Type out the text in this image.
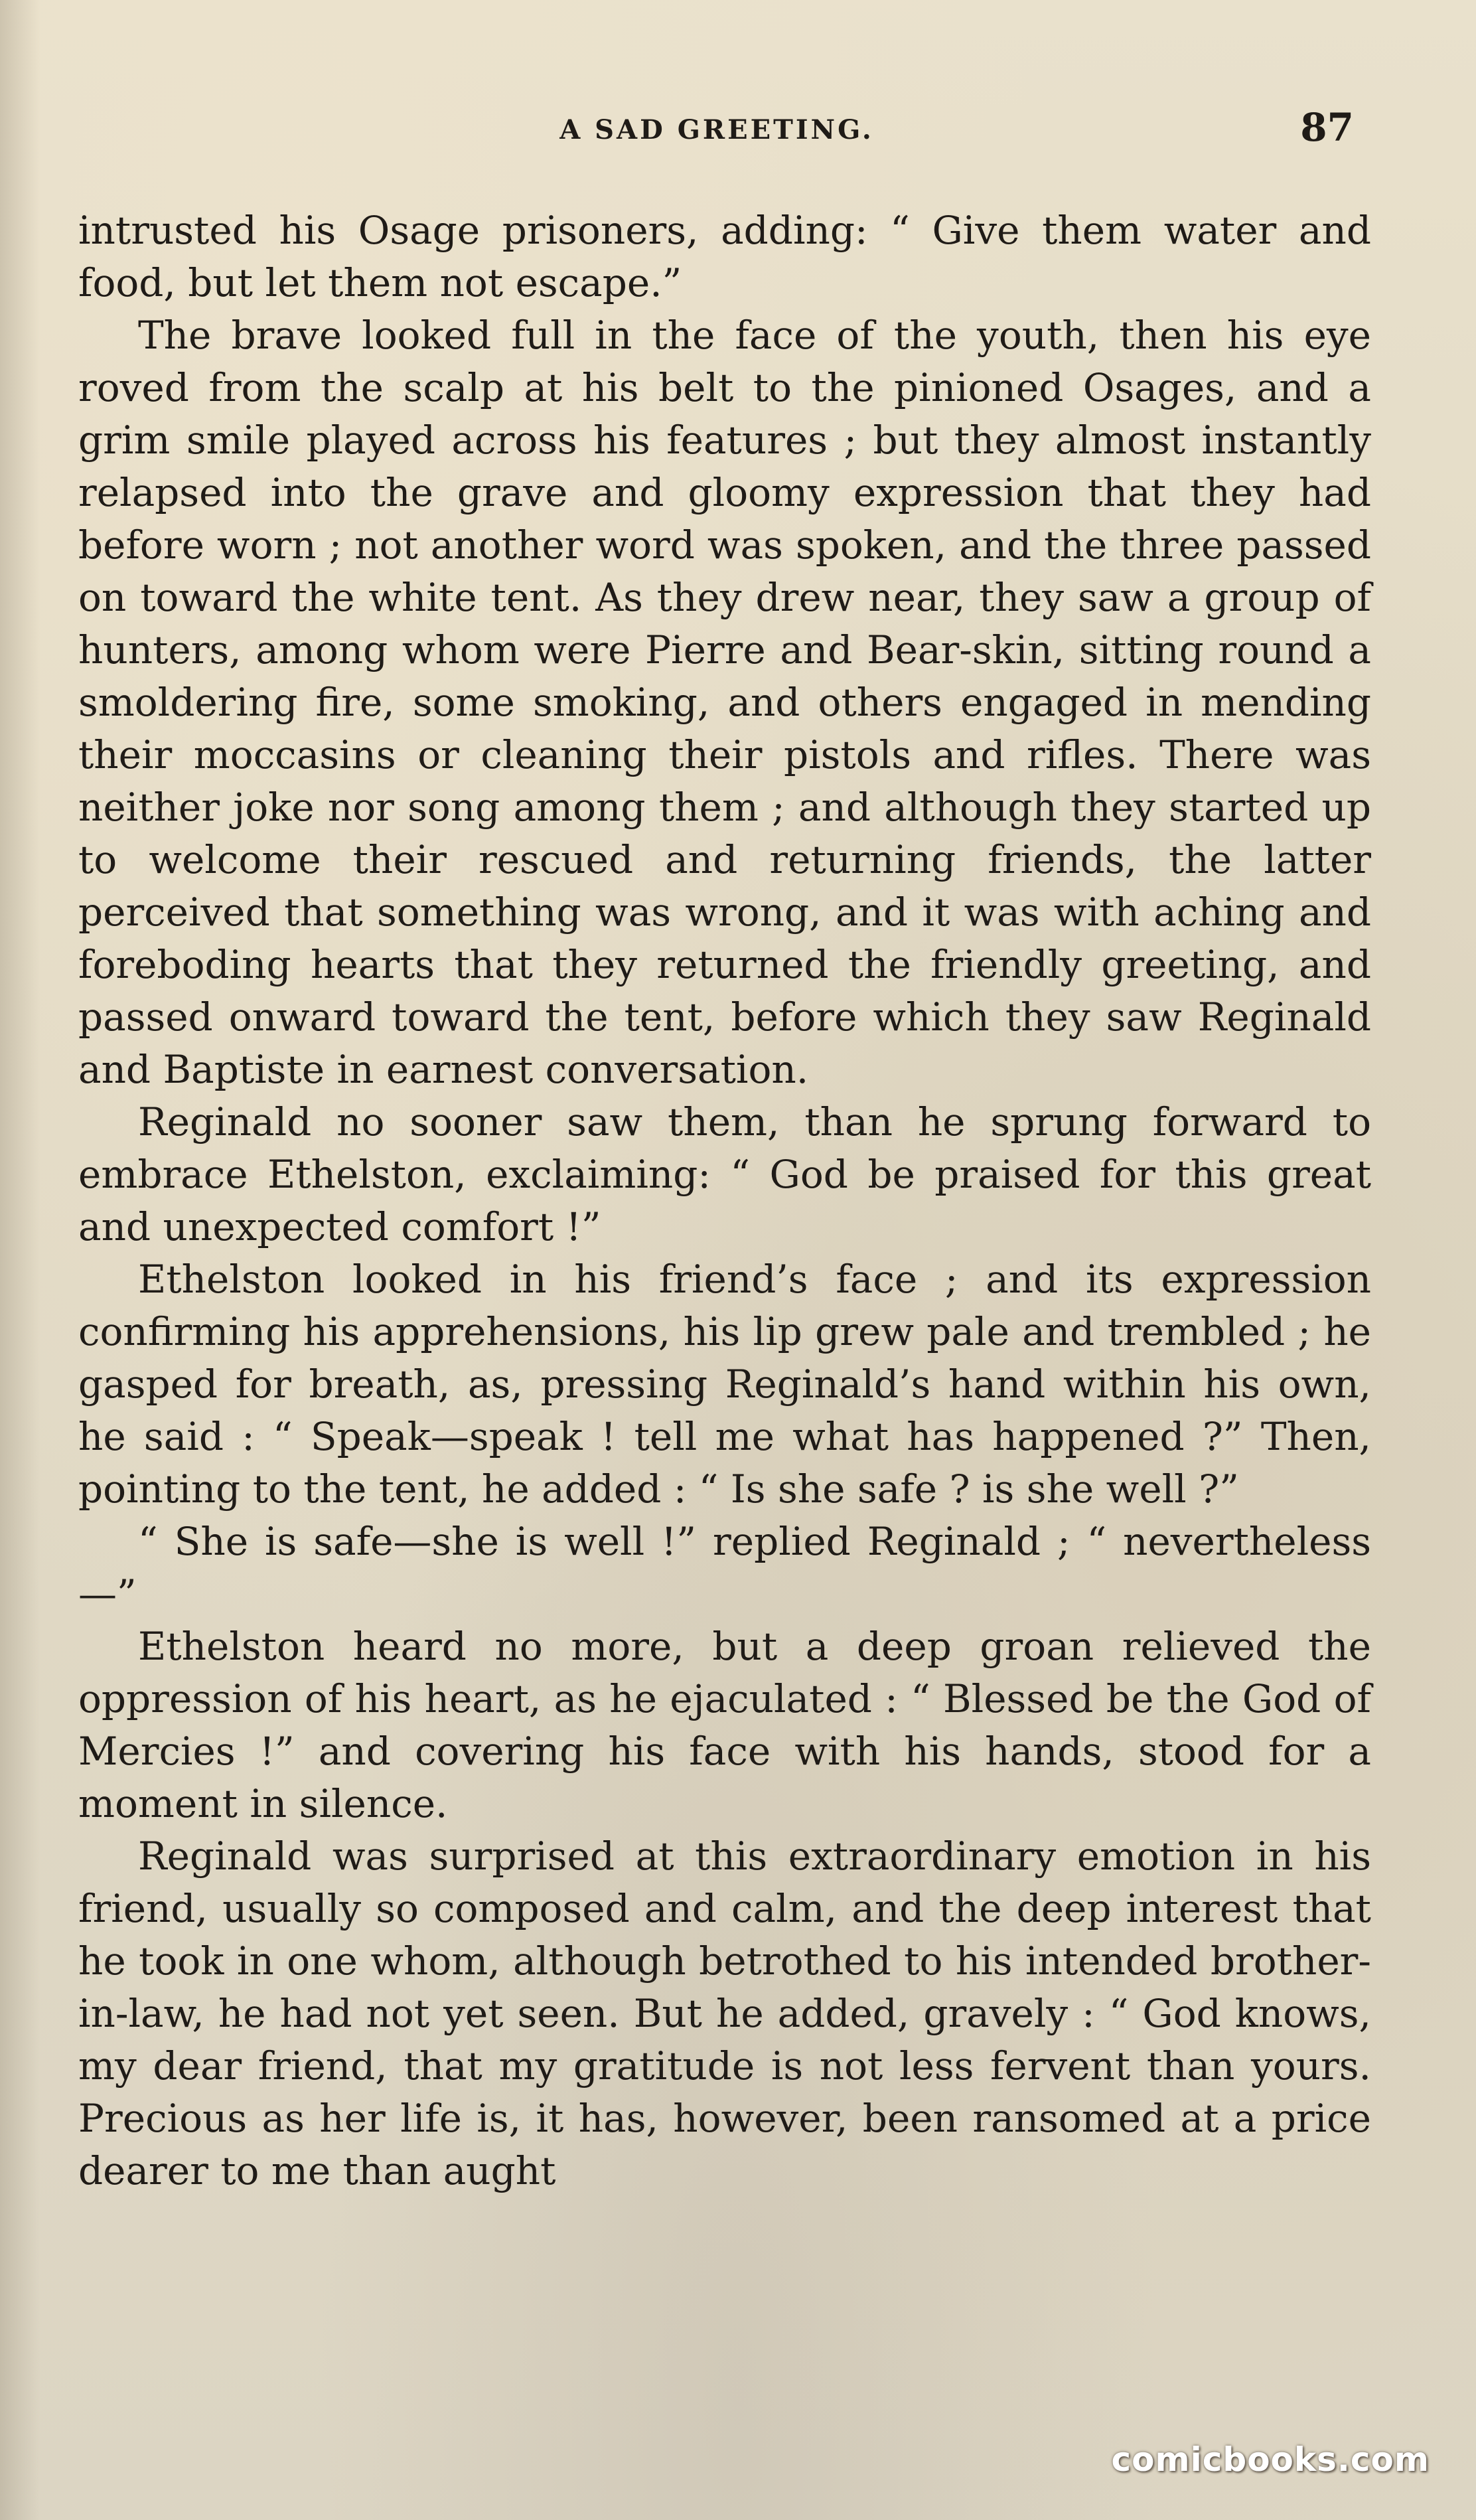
A SAD GREETING.	87

intrusted his Osage prisoners, adding: “ Give them water and food, but let them not escape.”

The brave looked full in the face of the youth, then his eye roved from the scalp at his belt to the pinioned Osages, and a grim smile played across his features ; but they almost instantly relapsed into the grave and gloomy expression that they had before worn ; not another word was spoken, and the three passed on toward the white tent. As they drew near, they saw a group of hunters, among whom were Pierre and Bear-skin, sitting round a smoldering fire, some smoking, and others engaged in mending their moccasins or cleaning their pistols and rifles. There was neither joke nor song among them ; and although they started up to welcome their rescued and returning friends, the latter perceived that something was wrong, and it was with aching and foreboding hearts that they returned the friendly greeting, and passed onward toward the tent, before which they saw Reginald and Baptiste in earnest conversation.

Reginald no sooner saw them, than he sprung forward to embrace Ethelston, exclaiming: “ God be praised for this great and unexpected comfort !”

Ethelston looked in his friend’s face ; and its expression confirming his apprehensions, his lip grew pale and trembled ; he gasped for breath, as, pressing Reginald’s hand within his own, he said : “ Speak—speak ! tell me what has happened ?” Then, pointing to the tent, he added : “ Is she safe ? is she well ?”

“ She is safe—she is well !” replied Reginald ; “ nevertheless—”

Ethelston heard no more, but a deep groan relieved the oppression of his heart, as he ejaculated : “ Blessed be the God of Mercies !” and covering his face with his hands, stood for a moment in silence.

Reginald was surprised at this extraordinary emotion in his friend, usually so composed and calm, and the deep interest that he took in one whom, although betrothed to his intended brother-in-law, he had not yet seen. But he added, gravely : “ God knows, my dear friend, that my gratitude is not less fervent than yours. Precious as her life is, it has, however, been ransomed at a price dearer to me than aught

comicbooks.com
